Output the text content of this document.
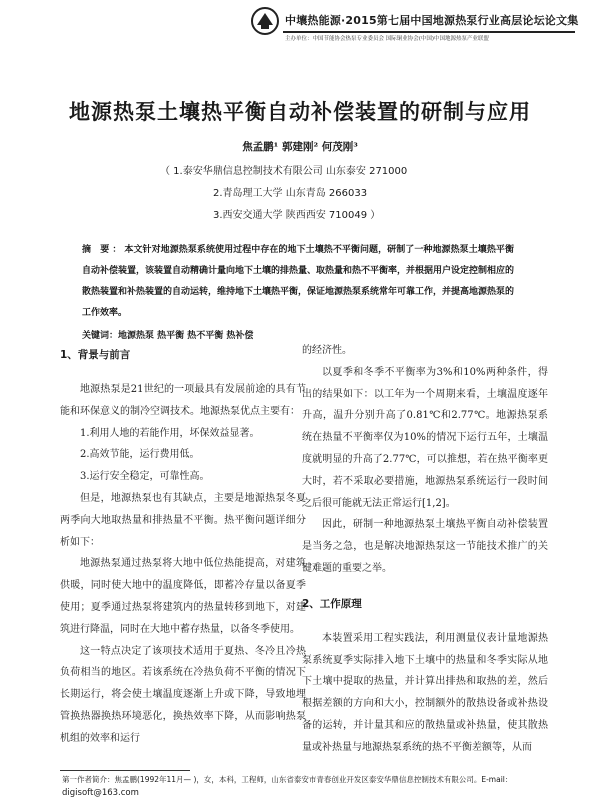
中壤热能源·2015第七届中国地源热泵行业高层论坛论文集
主办单位：中国节能协会热泵专业委员会 国际铜业协会(中国)中国地源热泵产业联盟
地源热泵土壤热平衡自动补偿装置的研制与应用
焦孟鹏¹ 郭建刚² 何茂刚³
（ 1.泰安华鼎信息控制技术有限公司 山东泰安 271000
2.青岛理工大学 山东青岛 266033
3.西安交通大学 陕西西安 710049 ）
摘 要：本文针对地源热泵系统使用过程中存在的地下土壤热不平衡问题，研制了一种地源热泵土壤热平衡自动补偿装置，该装置自动精确计量向地下土壤的排热量、取热量和热不平衡率，并根据用户设定控制相应的散热装置和补热装置的自动运转，维持地下土壤热平衡，保证地源热泵系统常年可靠工作，并提高地源热泵的工作效率。
关键词：地源热泵 热平衡 热不平衡 热补偿
1、背景与前言

地源热泵是21世纪的一项最具有发展前途的具有节能和环保意义的制冷空调技术。地源热泵优点主要有：

1.利用人地的若能作用，坏保效益显著。

2.高效节能，运行费用低。

3.运行安全稳定，可靠性高。

但是，地源热泵也有其缺点，主要是地源热泵冬夏两季向大地取热量和排热量不平衡。热平衡问题详细分析如下：

地源热泵通过热泵将大地中低位热能提高，对建筑供暖，同时使大地中的温度降低，即蓄冷存量以备夏季使用；夏季通过热泵将建筑内的热量转移到地下，对建筑进行降温，同时在大地中蓄存热量，以备冬季使用。

这一特点决定了该项技术适用于夏热、冬冷且冷热负荷相当的地区。若该系统在冷热负荷不平衡的情况下长期运行，将会使土壤温度逐渐上升或下降，导致地埋管换热器换热环境恶化，换热效率下降，从而影响热泵机组的效率和运行

的经济性。

以夏季和冬季不平衡率为3%和10%两种条件，得出的结果如下：以工年为一个周期来看，土壤温度逐年升高，温升分别升高了0.81℃和2.77℃。地源热泵系统在热量不平衡率仅为10%的情况下运行五年，土壤温度就明显的升高了2.77℃，可以推想，若在热平衡率更大时，若不采取必要措施，地源热泵系统运行一段时间之后很可能就无法正常运行[1,2]。

因此，研制一种地源热泵土壤热平衡自动补偿装置是当务之急，也是解决地源热泵这一节能技术推广的关键难题的重要之举。

2、工作原理

本装置采用工程实践法，利用测量仪表计量地源热泵系统夏季实际排入地下土壤中的热量和冬季实际从地下土壤中提取的热量，并计算出排热和取热的差，然后根据差额的方向和大小，控制额外的散热设备或补热设备的运转，并计量其和应的散热量或补热量，使其散热量或补热量与地源热泵系统的热不平衡差额等，从而

第一作者简介：焦孟鹏(1992年11月— )，女，本科，工程师，山东省泰安市青春创业开发区泰安华鼎信息控制技术有限公司。E-mail：
digisoft@163.com
